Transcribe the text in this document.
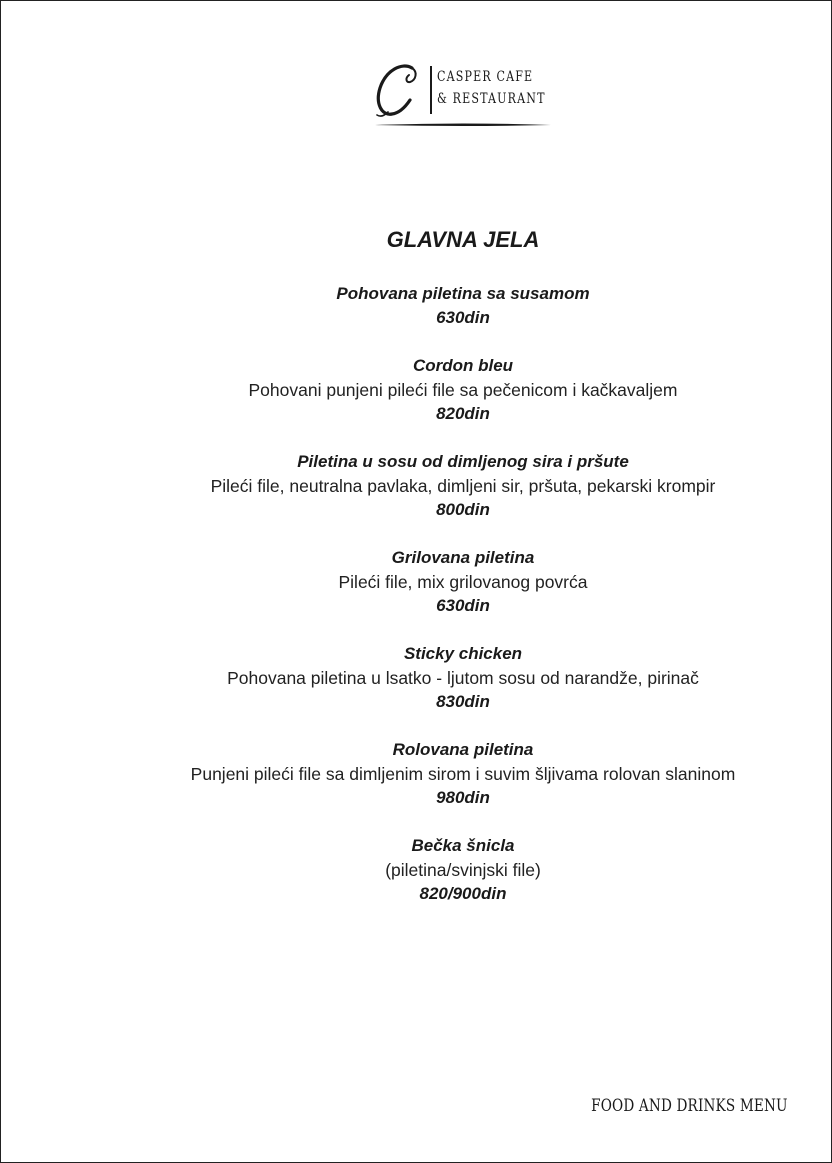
CASPER CAFE
& RESTAURANT
GLAVNA JELA
Pohovana piletina sa susamom
630din
Cordon bleu
Pohovani punjeni pileći file sa pečenicom i kačkavaljem
820din
Piletina u sosu od dimljenog sira i pršute
Pileći file, neutralna pavlaka, dimljeni sir, pršuta, pekarski krompir
800din
Grilovana piletina
Pileći file, mix grilovanog povrća
630din
Sticky chicken
Pohovana piletina u lsatko - ljutom sosu od narandže, pirinač
830din
Rolovana piletina
Punjeni pileći file sa dimljenim sirom i suvim šljivama rolovan slaninom
980din
Bečka šnicla
(piletina/svinjski file)
820/900din
FOOD AND DRINKS MENU
